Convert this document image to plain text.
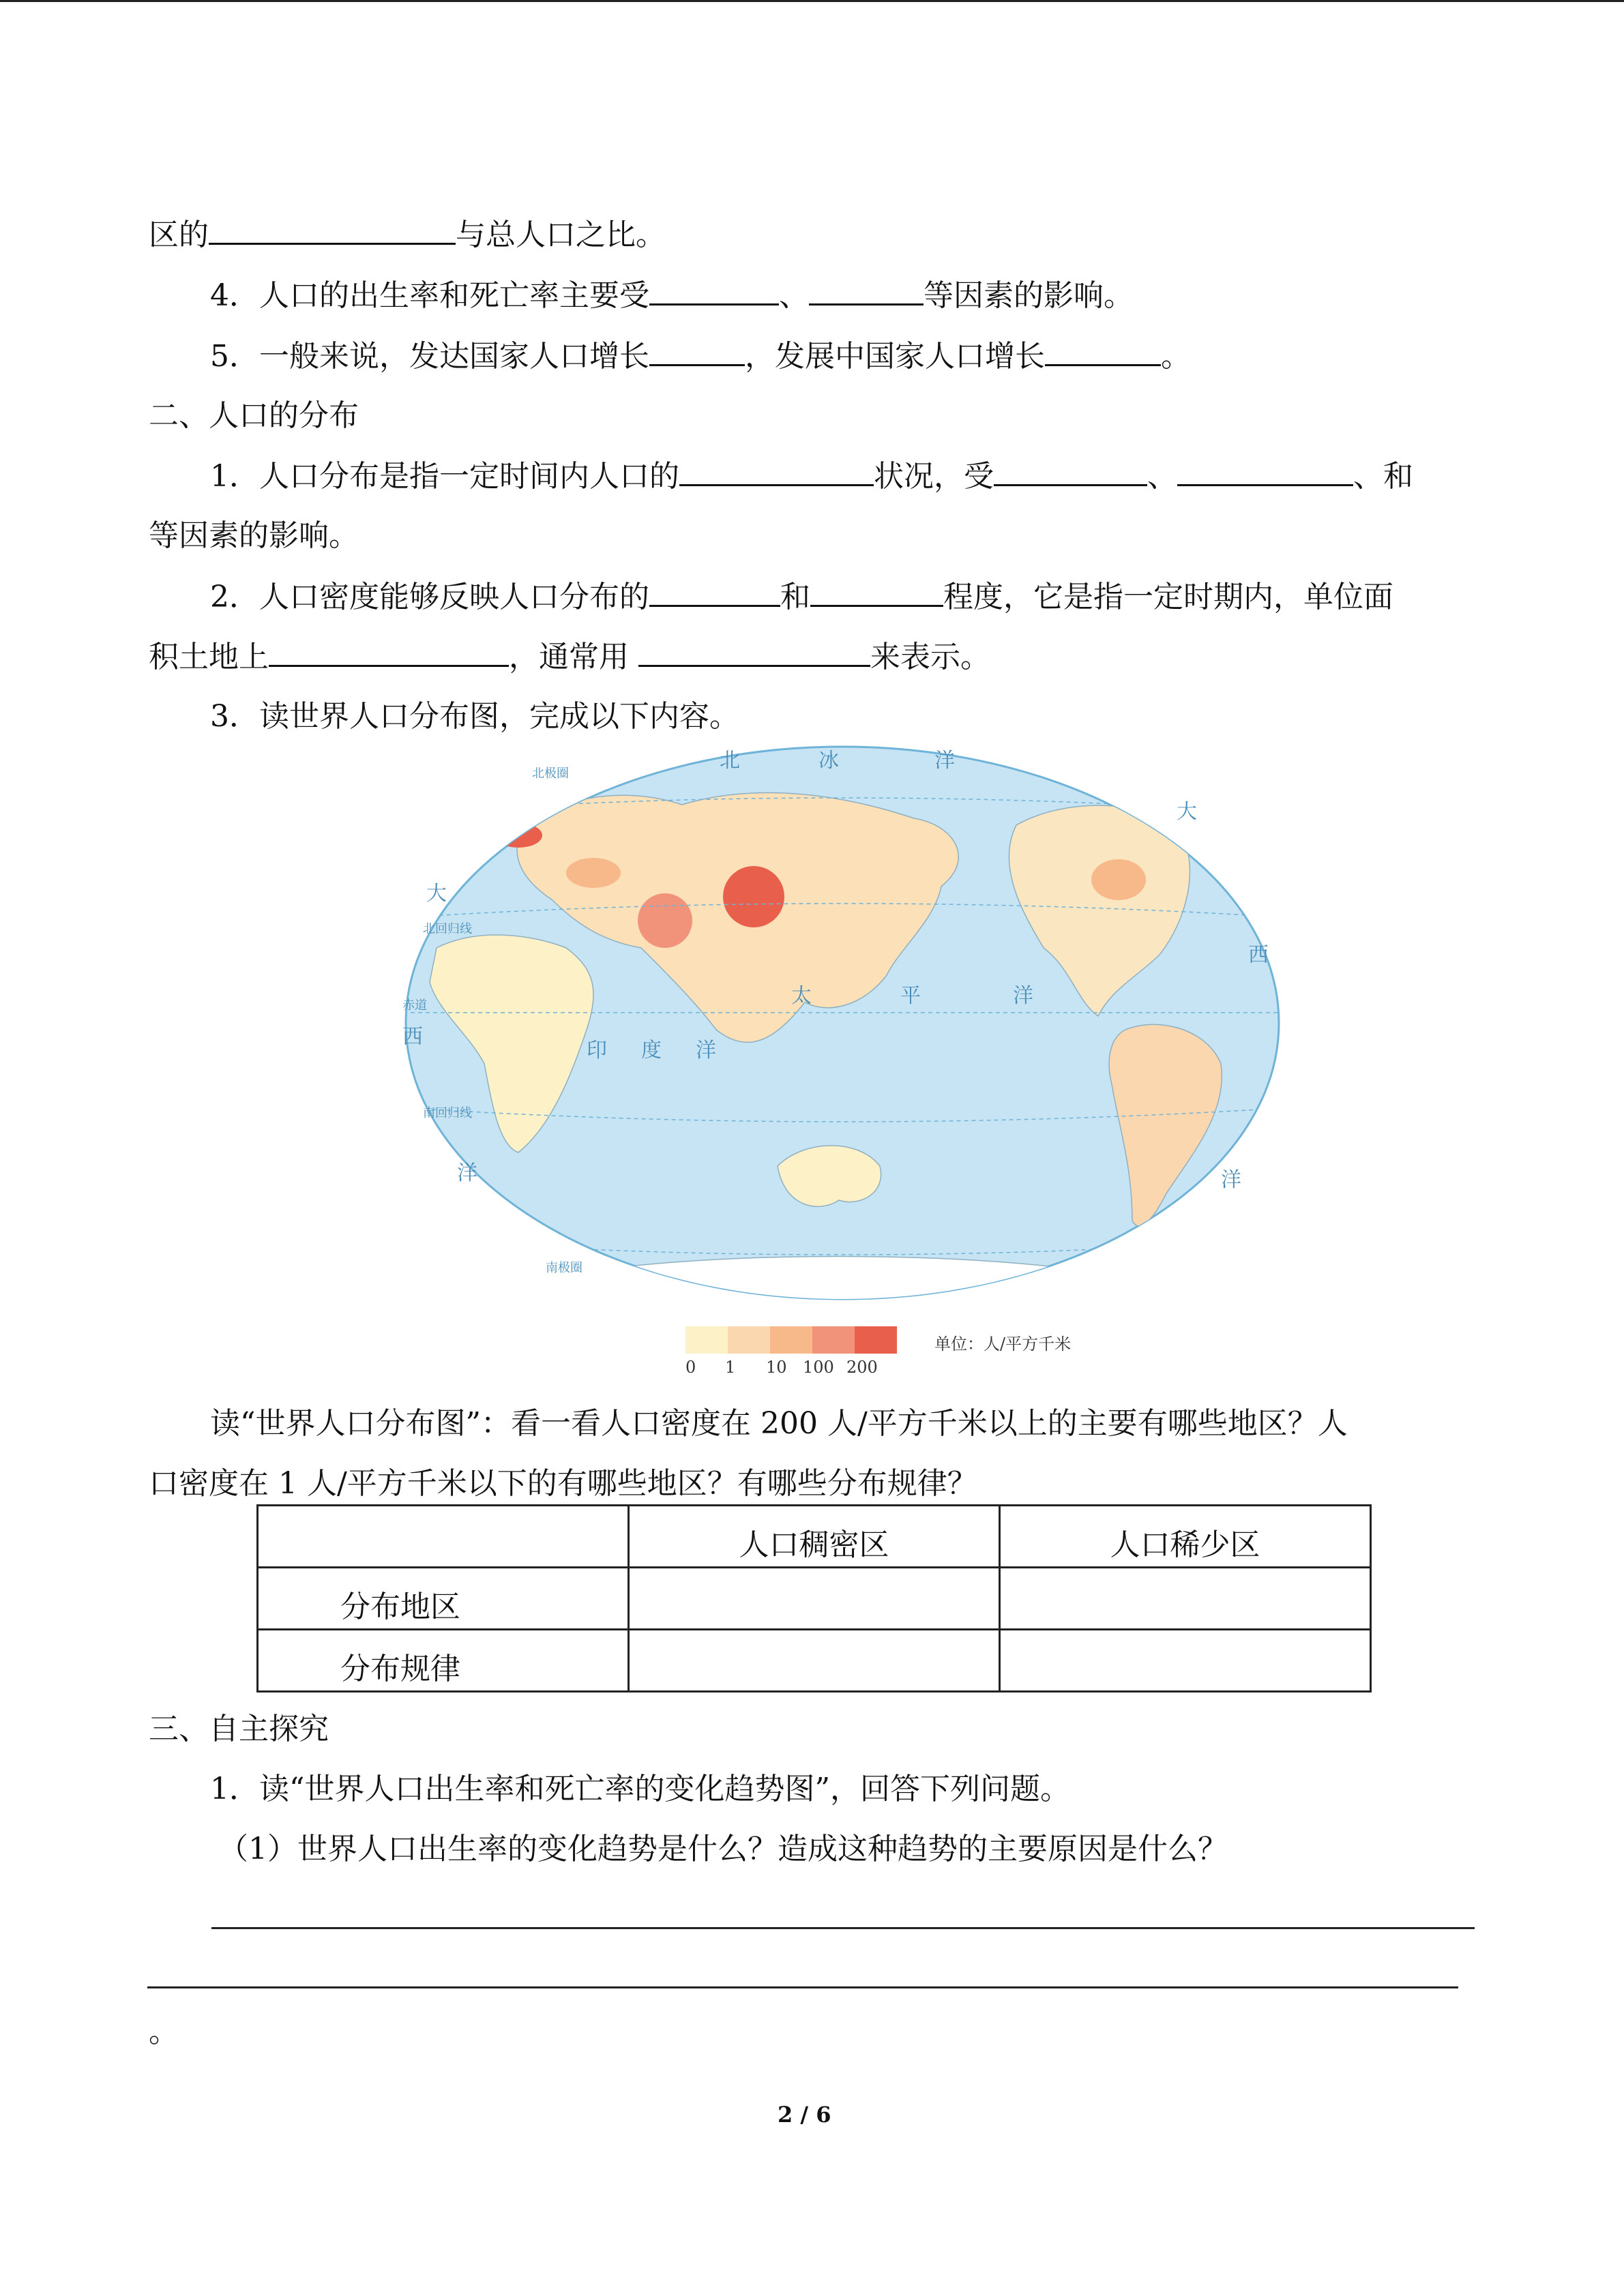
区的	与总人口之比。
4．人口的出生率和死亡率主要受	、	等因素的影响。
5．一般来说，发达国家人口增长	，发展中国家人口增长	。
二、人口的分布
1．人口分布是指一定时间内人口的	状况，受	、	、和
等因素的影响。
2．人口密度能够反映人口分布的	和	程度，它是指一定时期内，单位面
积土地上	，通常用	来表示。
3．读世界人口分布图，完成以下内容。
北	冰	洋
太	平	洋
印 度 洋
大
大
西
西
洋
洋
北极圈
北回归线
赤道
南回归线
南极圈
0 1 10 100 200
单位：人/平方千米
读“世界人口分布图”：看一看人口密度在 200 人/平方千米以上的主要有哪些地区？人
口密度在 1 人/平方千米以下的有哪些地区？有哪些分布规律？
	人口稠密区	人口稀少区
分布地区		
分布规律		
三、自主探究
1．读“世界人口出生率和死亡率的变化趋势图”，回答下列问题。
（1）世界人口出生率的变化趋势是什么？造成这种趋势的主要原因是什么？
。
2 / 6
